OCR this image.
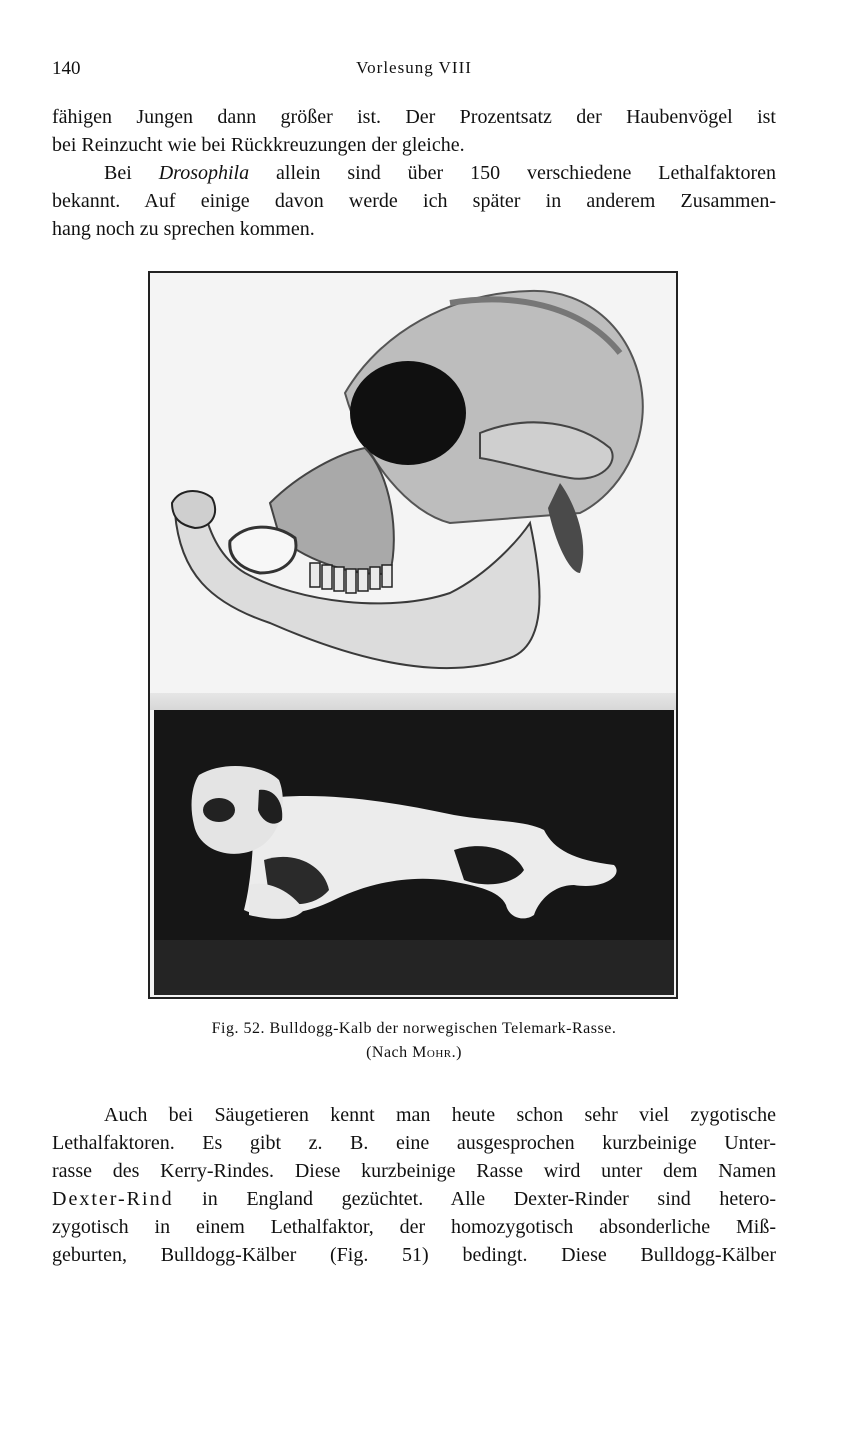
140	Vorlesung VIII
fähigen Jungen dann größer ist. Der Prozentsatz der Haubenvögel ist
bei Reinzucht wie bei Rückkreuzungen der gleiche.
Bei Drosophila allein sind über 150 verschiedene Lethalfaktoren
bekannt. Auf einige davon werde ich später in anderem Zusammen-
hang noch zu sprechen kommen.
Fig. 52. Bulldogg-Kalb der norwegischen Telemark-Rasse.
(Nach Mohr.)
Auch bei Säugetieren kennt man heute schon sehr viel zygotische
Lethalfaktoren. Es gibt z. B. eine ausgesprochen kurzbeinige Unter-
rasse des Kerry-Rindes. Diese kurzbeinige Rasse wird unter dem Namen
Dexter-Rind in England gezüchtet. Alle Dexter-Rinder sind hetero-
zygotisch in einem Lethalfaktor, der homozygotisch absonderliche Miß-
geburten, Bulldogg-Kälber (Fig. 51) bedingt. Diese Bulldogg-Kälber
